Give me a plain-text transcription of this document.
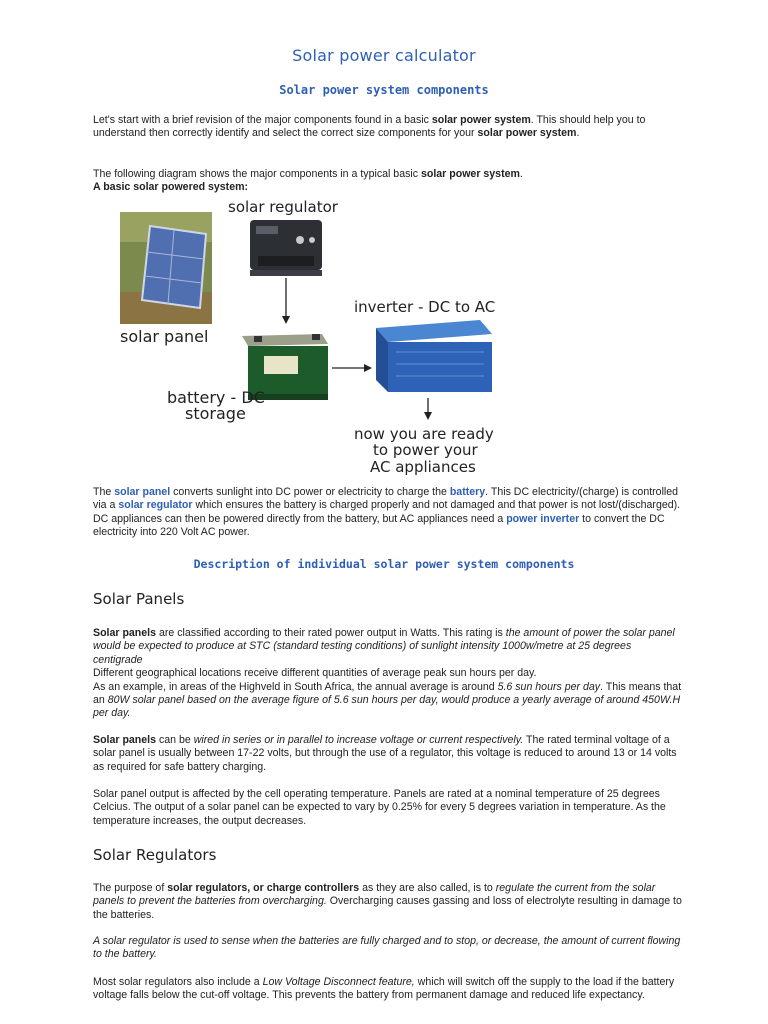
Solar power calculator
Solar power system components
Let's start with a brief revision of the major components found in a basic solar power system. This should help you to understand then correctly identify and select the correct size components for your solar power system.
The following diagram shows the major components in a typical basic solar power system.
A basic solar powered system:
solar panel
solar regulator
battery - DC
storage
inverter - DC to AC
now you are ready
to power your
AC appliances
The solar panel converts sunlight into DC power or electricity to charge the battery. This DC electricity/(charge) is controlled via a solar regulator which ensures the battery is charged properly and not damaged and that power is not lost/(discharged). DC appliances can then be powered directly from the battery, but AC appliances need a power inverter to convert the DC electricity into 220 Volt AC power.
Description of individual solar power system components
Solar Panels
Solar panels are classified according to their rated power output in Watts. This rating is the amount of power the solar panel would be expected to produce at STC (standard testing conditions) of sunlight intensity 1000w/metre at 25 degrees centigrade
Different geographical locations receive different quantities of average peak sun hours per day.
As an example, in areas of the Highveld in South Africa, the annual average is around 5.6 sun hours per day. This means that an 80W solar panel based on the average figure of 5.6 sun hours per day, would produce a yearly average of around 450W.H per day.
Solar panels can be wired in series or in parallel to increase voltage or current respectively. The rated terminal voltage of a solar panel is usually between 17-22 volts, but through the use of a regulator, this voltage is reduced to around 13 or 14 volts as required for safe battery charging.
Solar panel output is affected by the cell operating temperature. Panels are rated at a nominal temperature of 25 degrees Celcius. The output of a solar panel can be expected to vary by 0.25% for every 5 degrees variation in temperature. As the temperature increases, the output decreases.
Solar Regulators
The purpose of solar regulators, or charge controllers as they are also called, is to regulate the current from the solar panels to prevent the batteries from overcharging. Overcharging causes gassing and loss of electrolyte resulting in damage to the batteries.
A solar regulator is used to sense when the batteries are fully charged and to stop, or decrease, the amount of current flowing to the battery.
Most solar regulators also include a Low Voltage Disconnect feature, which will switch off the supply to the load if the battery voltage falls below the cut-off voltage. This prevents the battery from permanent damage and reduced life expectancy.
